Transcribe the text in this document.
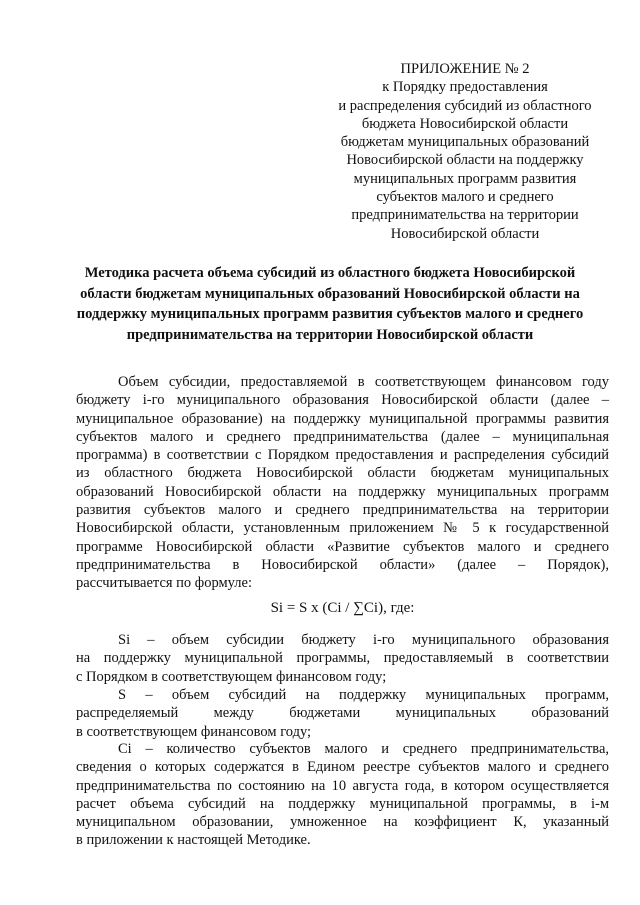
ПРИЛОЖЕНИЕ № 2
к Порядку предоставления
и распределения субсидий из областного
бюджета Новосибирской области
бюджетам муниципальных образований
Новосибирской области на поддержку
муниципальных программ развития
субъектов малого и среднего
предпринимательства на территории
Новосибирской области
Методика расчета объема субсидий из областного бюджета Новосибирской
области бюджетам муниципальных образований Новосибирской области на
поддержку муниципальных программ развития субъектов малого и среднего
предпринимательства на территории Новосибирской области
Объем субсидии, предоставляемой в соответствующем финансовом году
бюджету i-го муниципального образования Новосибирской области (далее –
муниципальное образование) на поддержку муниципальной программы развития
субъектов малого и среднего предпринимательства (далее – муниципальная
программа) в соответствии с Порядком предоставления и распределения субсидий
из областного бюджета Новосибирской области бюджетам муниципальных
образований Новосибирской области на поддержку муниципальных программ
развития субъектов малого и среднего предпринимательства на территории
Новосибирской области, установленным приложением № 5 к государственной
программе Новосибирской области «Развитие субъектов малого и среднего
предпринимательства в Новосибирской области» (далее – Порядок),
рассчитывается по формуле:
Si = S x (Ci / ∑Ci), где:
Si – объем субсидии бюджету i-го муниципального образования
на поддержку муниципальной программы, предоставляемый в соответствии
с Порядком в соответствующем финансовом году;
S – объем субсидий на поддержку муниципальных программ,
распределяемый между бюджетами муниципальных образований
в соответствующем финансовом году;
Ci – количество субъектов малого и среднего предпринимательства,
сведения о которых содержатся в Едином реестре субъектов малого и среднего
предпринимательства по состоянию на 10 августа года, в котором осуществляется
расчет объема субсидий на поддержку муниципальной программы, в i-м
муниципальном образовании, умноженное на коэффициент К, указанный
в приложении к настоящей Методике.
